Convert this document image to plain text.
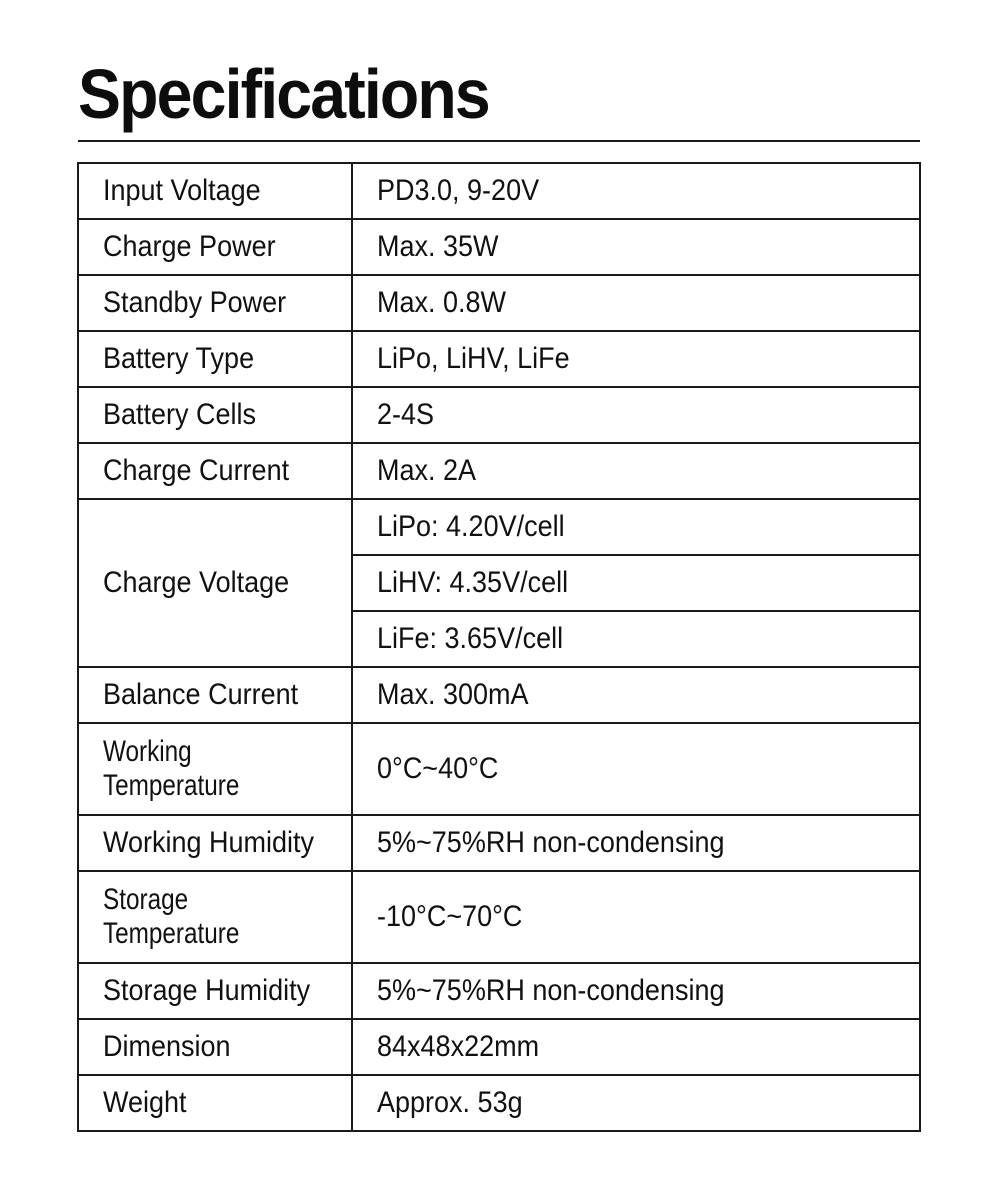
Specifications
Input Voltage	PD3.0, 9-20V
Charge Power	Max. 35W
Standby Power	Max. 0.8W
Battery Type	LiPo, LiHV, LiFe
Battery Cells	2-4S
Charge Current	Max. 2A
Charge Voltage	LiPo: 4.20V/cell
	LiHV: 4.35V/cell
	LiFe: 3.65V/cell
Balance Current	Max. 300mA
Working
Temperature	0°C~40°C
Working Humidity	5%~75%RH non-condensing
Storage
Temperature	-10°C~70°C
Storage Humidity	5%~75%RH non-condensing
Dimension	84x48x22mm
Weight	Approx. 53g
